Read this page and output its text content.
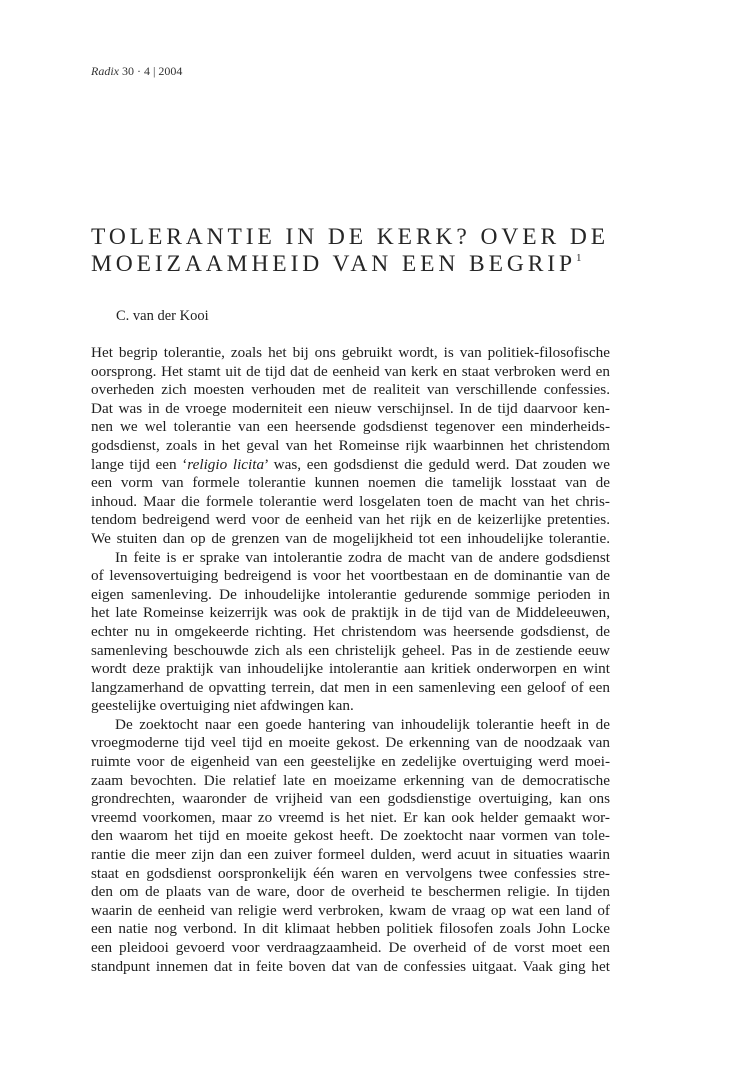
Radix 30 · 4 | 2004
TOLERANTIE IN DE KERK? OVER DE
MOEIZAAMHEID VAN EEN BEGRIP$^1$
C. van der Kooi
Het begrip tolerantie, zoals het bij ons gebruikt wordt, is van politiek-filosofische
oorsprong. Het stamt uit de tijd dat de eenheid van kerk en staat verbroken werd en
overheden zich moesten verhouden met de realiteit van verschillende confessies.
Dat was in de vroege moderniteit een nieuw verschijnsel. In de tijd daarvoor ken-
nen we wel tolerantie van een heersende godsdienst tegenover een minderheids-
godsdienst, zoals in het geval van het Romeinse rijk waarbinnen het christendom
lange tijd een ‘religio licita’ was, een godsdienst die geduld werd. Dat zouden we
een vorm van formele tolerantie kunnen noemen die tamelijk losstaat van de
inhoud. Maar die formele tolerantie werd losgelaten toen de macht van het chris-
tendom bedreigend werd voor de eenheid van het rijk en de keizerlijke pretenties.
We stuiten dan op de grenzen van de mogelijkheid tot een inhoudelijke tolerantie.
In feite is er sprake van intolerantie zodra de macht van de andere godsdienst
of levensovertuiging bedreigend is voor het voortbestaan en de dominantie van de
eigen samenleving. De inhoudelijke intolerantie gedurende sommige perioden in
het late Romeinse keizerrijk was ook de praktijk in de tijd van de Middeleeuwen,
echter nu in omgekeerde richting. Het christendom was heersende godsdienst, de
samenleving beschouwde zich als een christelijk geheel. Pas in de zestiende eeuw
wordt deze praktijk van inhoudelijke intolerantie aan kritiek onderworpen en wint
langzamerhand de opvatting terrein, dat men in een samenleving een geloof of een
geestelijke overtuiging niet afdwingen kan.
De zoektocht naar een goede hantering van inhoudelijk tolerantie heeft in de
vroegmoderne tijd veel tijd en moeite gekost. De erkenning van de noodzaak van
ruimte voor de eigenheid van een geestelijke en zedelijke overtuiging werd moei-
zaam bevochten. Die relatief late en moeizame erkenning van de democratische
grondrechten, waaronder de vrijheid van een godsdienstige overtuiging, kan ons
vreemd voorkomen, maar zo vreemd is het niet. Er kan ook helder gemaakt wor-
den waarom het tijd en moeite gekost heeft. De zoektocht naar vormen van tole-
rantie die meer zijn dan een zuiver formeel dulden, werd acuut in situaties waarin
staat en godsdienst oorspronkelijk één waren en vervolgens twee confessies stre-
den om de plaats van de ware, door de overheid te beschermen religie. In tijden
waarin de eenheid van religie werd verbroken, kwam de vraag op wat een land of
een natie nog verbond. In dit klimaat hebben politiek filosofen zoals John Locke
een pleidooi gevoerd voor verdraagzaamheid. De overheid of de vorst moet een
standpunt innemen dat in feite boven dat van de confessies uitgaat. Vaak ging het
